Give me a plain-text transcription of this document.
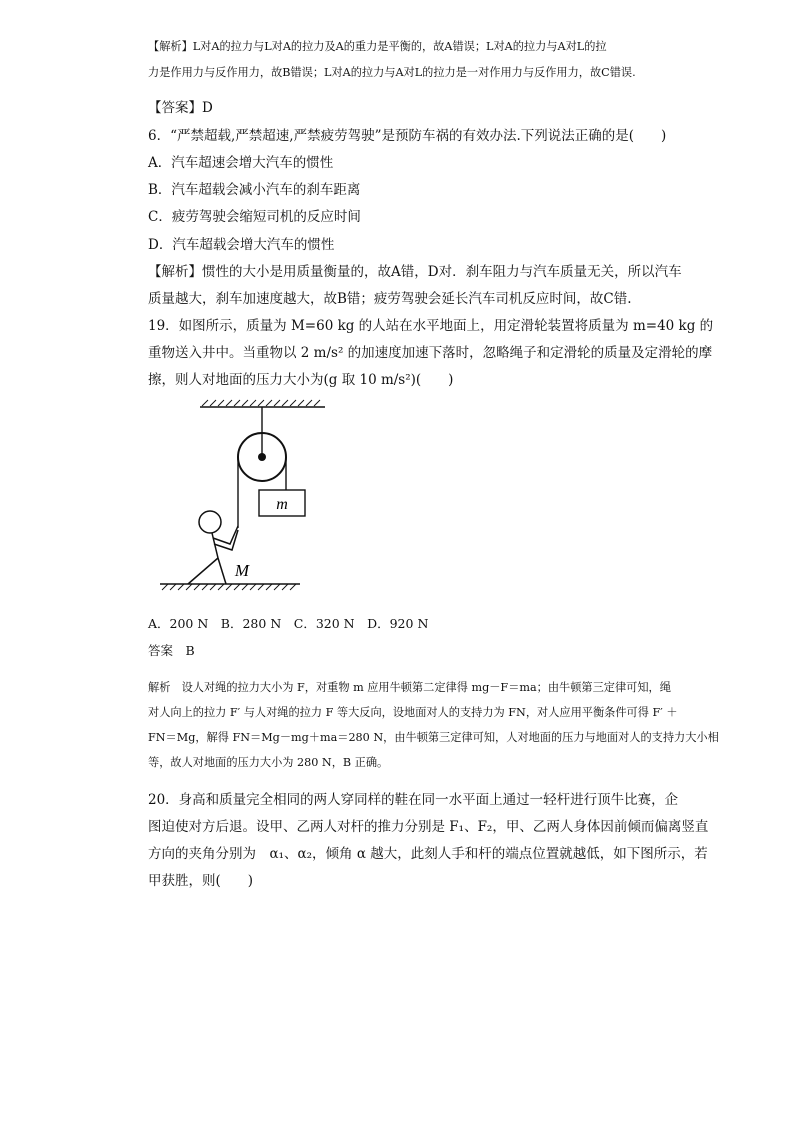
【解析】L对A的拉力与L对A的拉力及A的重力是平衡的，故A错误；L对A的拉力与A对L的拉
力是作用力与反作用力，故B错误；L对A的拉力与A对L的拉力是一对作用力与反作用力，故C错误.
【答案】D
6．“严禁超载,严禁超速,严禁疲劳驾驶”是预防车祸的有效办法.下列说法正确的是(　　)
A．汽车超速会增大汽车的惯性
B．汽车超载会减小汽车的刹车距离
C．疲劳驾驶会缩短司机的反应时间
D．汽车超载会增大汽车的惯性
【解析】惯性的大小是用质量衡量的，故A错，D对．刹车阻力与汽车质量无关，所以汽车
质量越大，刹车加速度越大，故B错；疲劳驾驶会延长汽车司机反应时间，故C错.
19．如图所示，质量为 M=60 kg 的人站在水平地面上，用定滑轮装置将质量为 m=40 kg 的
重物送入井中。当重物以 2 m/s² 的加速度加速下落时，忽略绳子和定滑轮的质量及定滑轮的摩
擦，则人对地面的压力大小为(g 取 10 m/s²)(　　)
m
M
A．200 N　B．280 N　C．320 N　D．920 N
答案　B
解析　设人对绳的拉力大小为 F，对重物 m 应用牛顿第二定律得 mg－F＝ma；由牛顿第三定律可知，绳
对人向上的拉力 F′ 与人对绳的拉力 F 等大反向，设地面对人的支持力为 FN，对人应用平衡条件可得 F′ ＋
FN＝Mg，解得 FN＝Mg－mg＋ma＝280 N，由牛顿第三定律可知，人对地面的压力与地面对人的支持力大小相
等，故人对地面的压力大小为 280 N，B 正确。
20．身高和质量完全相同的两人穿同样的鞋在同一水平面上通过一轻杆进行顶牛比赛，企
图迫使对方后退。设甲、乙两人对杆的推力分别是 F₁、F₂，甲、乙两人身体因前倾而偏离竖直
方向的夹角分别为　α₁、α₂，倾角 α 越大，此刻人手和杆的端点位置就越低，如下图所示，若
甲获胜，则(　　)
